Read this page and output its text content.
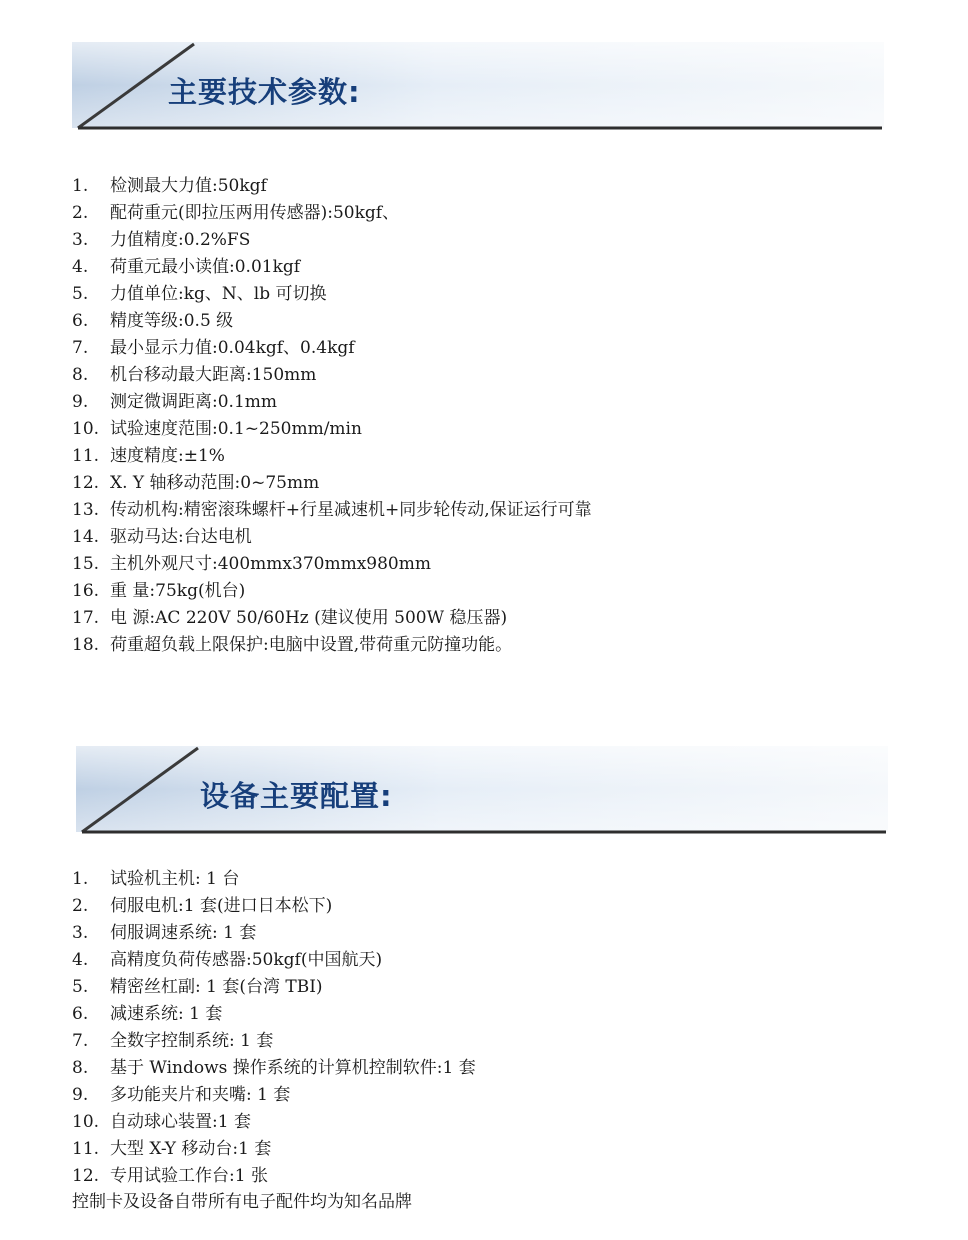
主要技术参数:
1.	检测最大力值:50kgf
2.	配荷重元(即拉压两用传感器):50kgf、
3.	力值精度:0.2%FS
4.	荷重元最小读值:0.01kgf
5.	力值单位:kg、N、lb 可切换
6.	精度等级:0.5 级
7.	最小显示力值:0.04kgf、0.4kgf
8.	机台移动最大距离:150mm
9.	测定微调距离:0.1mm
10. 试验速度范围:0.1~250mm/min
11. 速度精度:±1%
12. X. Y 轴移动范围:0~75mm
13. 传动机构:精密滚珠螺杆+行星减速机+同步轮传动,保证运行可靠
14. 驱动马达:台达电机
15. 主机外观尺寸:400mmx370mmx980mm
16. 重 量:75kg(机台)
17. 电 源:AC 220V 50/60Hz (建议使用 500W 稳压器)
18. 荷重超负载上限保护:电脑中设置,带荷重元防撞功能。
设备主要配置:
1.	试验机主机: 1 台
2.	伺服电机:1 套(进口日本松下)
3.	伺服调速系统: 1 套
4.	高精度负荷传感器:50kgf(中国航天)
5.	精密丝杠副: 1 套(台湾 TBI)
6.	减速系统: 1 套
7.	全数字控制系统: 1 套
8.	基于 Windows 操作系统的计算机控制软件:1 套
9.	多功能夹片和夹嘴: 1 套
10. 自动球心装置:1 套
11. 大型 X-Y 移动台:1 套
12. 专用试验工作台:1 张
控制卡及设备自带所有电子配件均为知名品牌
